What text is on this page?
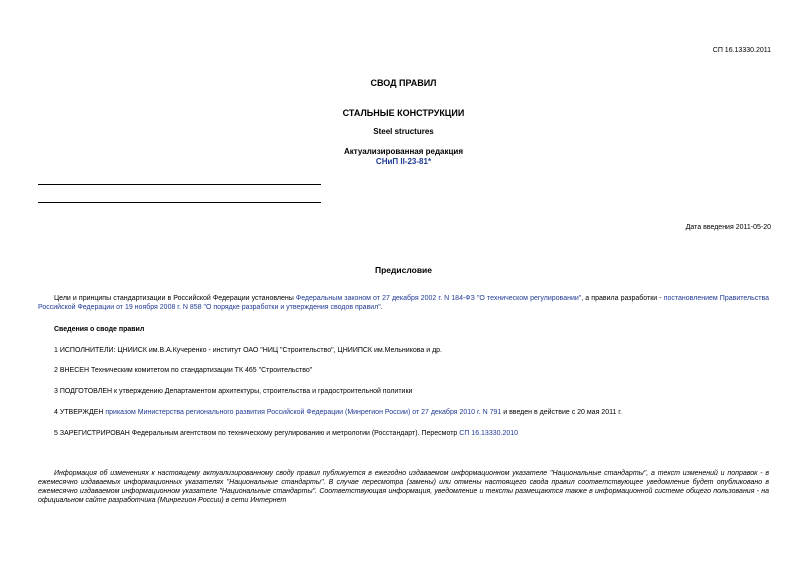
СП 16.13330.2011
СВОД ПРАВИЛ
СТАЛЬНЫЕ КОНСТРУКЦИИ
Steel structures
Актуализированная редакция
СНиП II-23-81*
Дата введения 2011-05-20
Предисловие
Цели и принципы стандартизации в Российской Федерации установлены Федеральным законом от 27 декабря 2002 г. N 184-ФЗ "О техническом регулировании", а правила разработки - постановлением Правительства Российской Федерации от 19 ноября 2008 г. N 858 "О порядке разработки и утверждения сводов правил".
Сведения о своде правил
1 ИСПОЛНИТЕЛИ: ЦНИИСК им.В.А.Кучеренко - институт ОАО "НИЦ "Строительство", ЦНИИПСК им.Мельникова и др.
2 ВНЕСЕН Техническим комитетом по стандартизации ТК 465 "Строительство"
3 ПОДГОТОВЛЕН к утверждению Департаментом архитектуры, строительства и градостроительной политики
4 УТВЕРЖДЕН приказом Министерства регионального развития Российской Федерации (Минрегион России) от 27 декабря 2010 г. N 791 и введен в действие с 20 мая 2011 г.
5 ЗАРЕГИСТРИРОВАН Федеральным агентством по техническому регулированию и метрологии (Росстандарт). Пересмотр СП 16.13330.2010
Информация об изменениях к настоящему актуализированному своду правил публикуется в ежегодно издаваемом информационном указателе "Национальные стандарты", а текст изменений и поправок - в ежемесячно издаваемых информационных указателях "Национальные стандарты". В случае пересмотра (замены) или отмены настоящего свода правил соответствующее уведомление будет опубликовано в ежемесячно издаваемом информационном указателе "Национальные стандарты". Соответствующая информация, уведомление и тексты размещаются также в информационной системе общего пользования - на официальном сайте разработчика (Минрегион России) в сети Интернет
